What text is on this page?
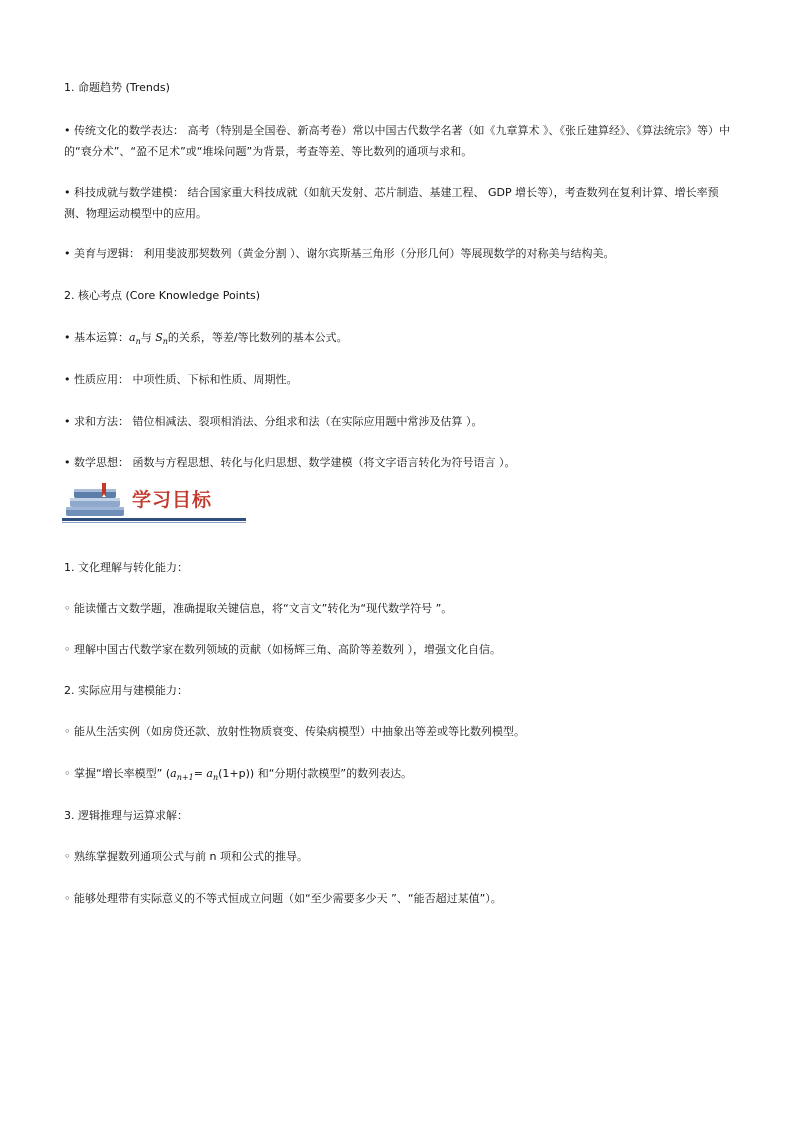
1. 命题趋势 (Trends)
• 传统文化的数学表达： 高考（特别是全国卷、新高考卷）常以中国古代数学名著（如《九章算术 》、《张丘建算经》、《算法统宗》等）中的“衰分术”、“盈不足术”或“堆垛问题”为背景，考查等差、等比数列的通项与求和。
• 科技成就与数学建模： 结合国家重大科技成就（如航天发射、芯片制造、基建工程、 GDP 增长等），考查数列在复利计算、增长率预测、物理运动模型中的应用。
• 美育与逻辑： 利用斐波那契数列（黄金分割 ）、谢尔宾斯基三角形（分形几何）等展现数学的对称美与结构美。
2. 核心考点 (Core Knowledge Points)
• 基本运算：$a_n$与 $S_n$的关系，等差/等比数列的基本公式。
• 性质应用： 中项性质、下标和性质、周期性。
• 求和方法： 错位相减法、裂项相消法、分组求和法（在实际应用题中常涉及估算 ）。
• 数学思想： 函数与方程思想、转化与化归思想、数学建模（将文字语言转化为符号语言 ）。
学习目标
1. 文化理解与转化能力：
◦ 能读懂古文数学题，准确提取关键信息，将“文言文”转化为“现代数学符号 ”。
◦ 理解中国古代数学家在数列领域的贡献（如杨辉三角、高阶等差数列 ），增强文化自信。
2. 实际应用与建模能力：
◦ 能从生活实例（如房贷还款、放射性物质衰变、传染病模型）中抽象出等差或等比数列模型。
◦ 掌握“增长率模型” $(a_{n+1}= a_n(1+p))$ 和“分期付款模型”的数列表达。
3. 逻辑推理与运算求解：
◦ 熟练掌握数列通项公式与前 n 项和公式的推导。
◦ 能够处理带有实际意义的不等式恒成立问题（如“至少需要多少天 ”、“能否超过某值”）。
